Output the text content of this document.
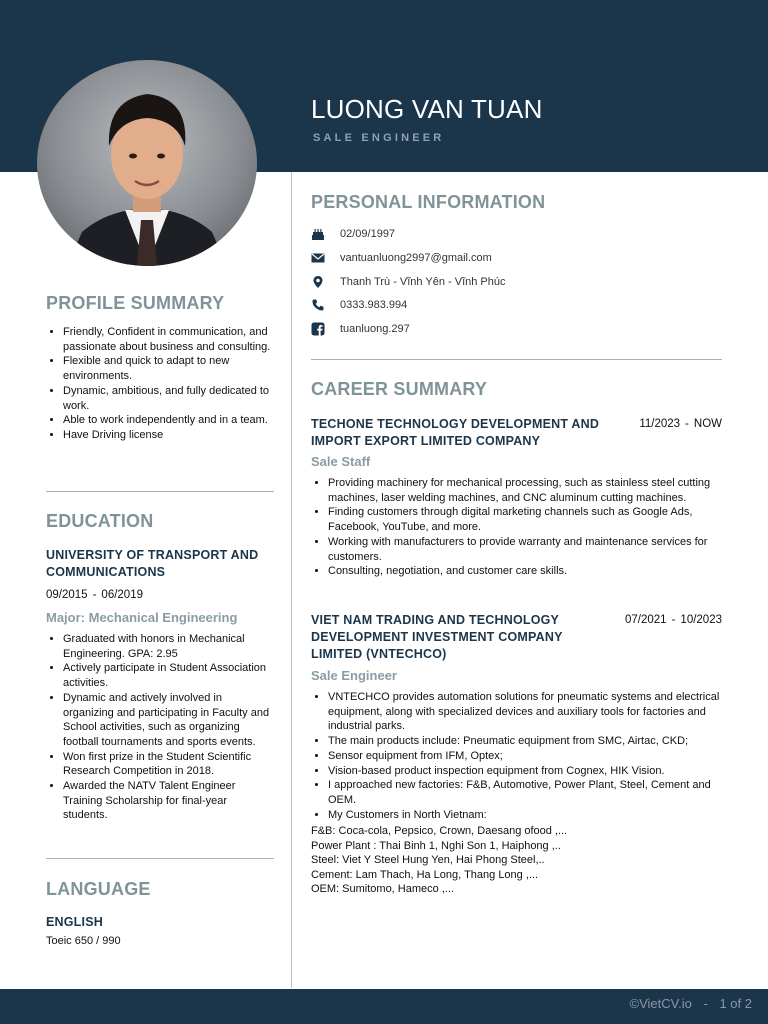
LUONG VAN TUAN
SALE ENGINEER
PROFILE SUMMARY
• Friendly, Confident in communication, and passionate about business and consulting.
• Flexible and quick to adapt to new environments.
• Dynamic, ambitious, and fully dedicated to work.
• Able to work independently and in a team.
• Have Driving license
EDUCATION
UNIVERSITY OF TRANSPORT AND COMMUNICATIONS
09/2015 - 06/2019
Major: Mechanical Engineering
• Graduated with honors in Mechanical Engineering. GPA: 2.95
• Actively participate in Student Association activities.
• Dynamic and actively involved in organizing and participating in Faculty and School activities, such as organizing football tournaments and sports events.
• Won first prize in the Student Scientific Research Competition in 2018.
• Awarded the NATV Talent Engineer Training Scholarship for final-year students.
LANGUAGE
ENGLISH
Toeic 650 / 990
PERSONAL INFORMATION
02/09/1997
vantuanluong2997@gmail.com
Thanh Trù - Vĩnh Yên - Vĩnh Phúc
0333.983.994
tuanluong.297
CAREER SUMMARY
TECHONE TECHNOLOGY DEVELOPMENT AND IMPORT EXPORT LIMITED COMPANY
11/2023 - NOW
Sale Staff
• Providing machinery for mechanical processing, such as stainless steel cutting machines, laser welding machines, and CNC aluminum cutting machines.
• Finding customers through digital marketing channels such as Google Ads, Facebook, YouTube, and more.
• Working with manufacturers to provide warranty and maintenance services for customers.
• Consulting, negotiation, and customer care skills.
VIET NAM TRADING AND TECHNOLOGY DEVELOPMENT INVESTMENT COMPANY LIMITED (VNTECHCO)
07/2021 - 10/2023
Sale Engineer
• VNTECHCO provides automation solutions for pneumatic systems and electrical equipment, along with specialized devices and auxiliary tools for factories and industrial parks.
• The main products include: Pneumatic equipment from SMC, Airtac, CKD;
• Sensor equipment from IFM, Optex;
• Vision-based product inspection equipment from Cognex, HIK Vision.
• I approached new factories: F&B, Automotive, Power Plant, Steel, Cement and OEM.
• My Customers in North Vietnam:
F&B: Coca-cola, Pepsico, Crown, Daesang ofood ,...
Power Plant : Thai Binh 1, Nghi Son 1, Haiphong ,..
Steel: Viet Y Steel Hung Yen, Hai Phong Steel,..
Cement: Lam Thach, Ha Long, Thang Long ,...
OEM: Sumitomo, Hameco ,...
©VietCV.io - 1 of 2
